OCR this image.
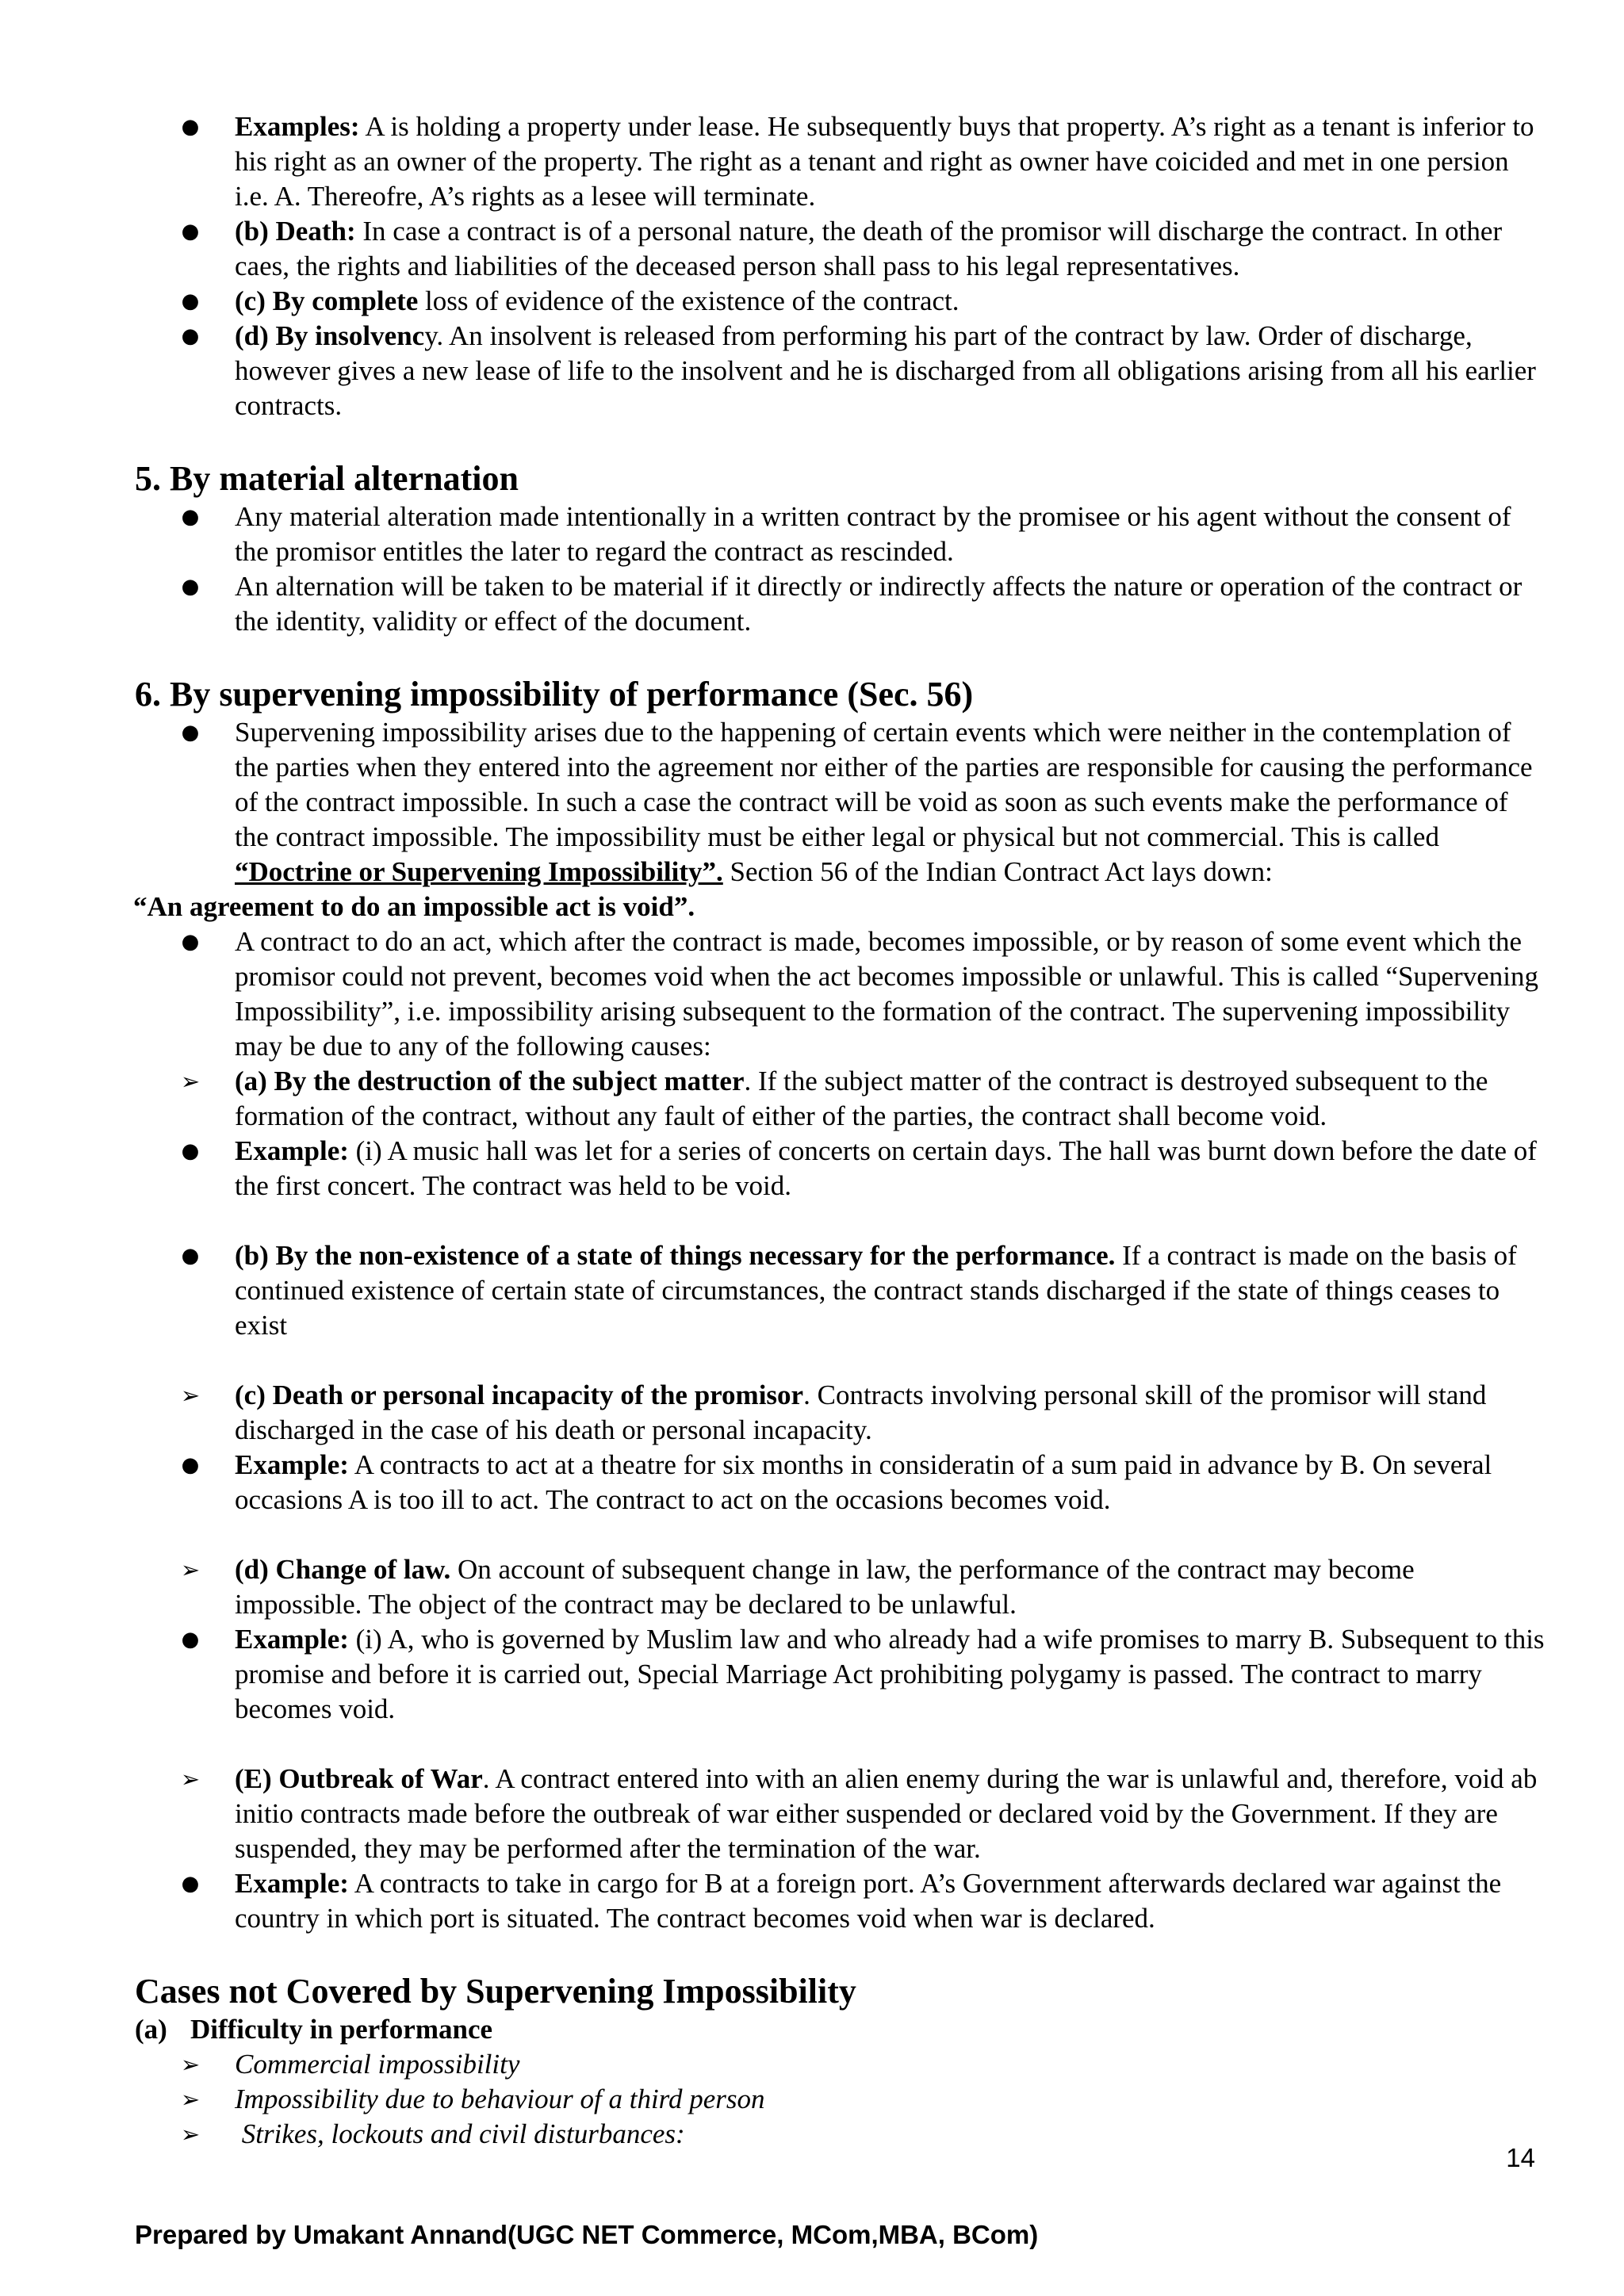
● Examples: A is holding a property under lease. He subsequently buys that property. A’s right as a tenant is inferior to his right as an owner of the property. The right as a tenant and right as owner have coicided and met in one persion i.e. A. Thereofre, A’s rights as a lesee will terminate.
● (b) Death: In case a contract is of a personal nature, the death of the promisor will discharge the contract. In other caes, the rights and liabilities of the deceased person shall pass to his legal representatives.
● (c) By complete loss of evidence of the existence of the contract.
● (d) By insolvency. An insolvent is released from performing his part of the contract by law. Order of discharge, however gives a new lease of life to the insolvent and he is discharged from all obligations arising from all his earlier contracts.
5. By material alternation
● Any material alteration made intentionally in a written contract by the promisee or his agent without the consent of the promisor entitles the later to regard the contract as rescinded.
● An alternation will be taken to be material if it directly or indirectly affects the nature or operation of the contract or the identity, validity or effect of the document.
6. By supervening impossibility of performance (Sec. 56)
● Supervening impossibility arises due to the happening of certain events which were neither in the contemplation of the parties when they entered into the agreement nor either of the parties are responsible for causing the performance of the contract impossible. In such a case the contract will be void as soon as such events make the performance of the contract impossible. The impossibility must be either legal or physical but not commercial. This is called “Doctrine or Supervening Impossibility”. Section 56 of the Indian Contract Act lays down:
“An agreement to do an impossible act is void”.
● A contract to do an act, which after the contract is made, becomes impossible, or by reason of some event which the promisor could not prevent, becomes void when the act becomes impossible or unlawful. This is called “Supervening Impossibility”, i.e. impossibility arising subsequent to the formation of the contract. The supervening impossibility may be due to any of the following causes:
➢ (a) By the destruction of the subject matter. If the subject matter of the contract is destroyed subsequent to the formation of the contract, without any fault of either of the parties, the contract shall become void.
● Example: (i) A music hall was let for a series of concerts on certain days. The hall was burnt down before the date of the first concert. The contract was held to be void.
● (b) By the non-existence of a state of things necessary for the performance. If a contract is made on the basis of continued existence of certain state of circumstances, the contract stands discharged if the state of things ceases to exist
➢ (c) Death or personal incapacity of the promisor. Contracts involving personal skill of the promisor will stand discharged in the case of his death or personal incapacity.
● Example: A contracts to act at a theatre for six months in consideratin of a sum paid in advance by B. On several occasions A is too ill to act. The contract to act on the occasions becomes void.
➢ (d) Change of law. On account of subsequent change in law, the performance of the contract may become impossible. The object of the contract may be declared to be unlawful.
● Example: (i) A, who is governed by Muslim law and who already had a wife promises to marry B. Subsequent to this promise and before it is carried out, Special Marriage Act prohibiting polygamy is passed. The contract to marry becomes void.
➢ (E) Outbreak of War. A contract entered into with an alien enemy during the war is unlawful and, therefore, void ab initio contracts made before the outbreak of war either suspended or declared void by the Government. If they are suspended, they may be performed after the termination of the war.
● Example: A contracts to take in cargo for B at a foreign port. A’s Government afterwards declared war against the country in which port is situated. The contract becomes void when war is declared.
Cases not Covered by Supervening Impossibility
(a) Difficulty in performance
➢ Commercial impossibility
➢ Impossibility due to behaviour of a third person
➢ Strikes, lockouts and civil disturbances:
14
Prepared by Umakant Annand(UGC NET Commerce, MCom,MBA, BCom)
